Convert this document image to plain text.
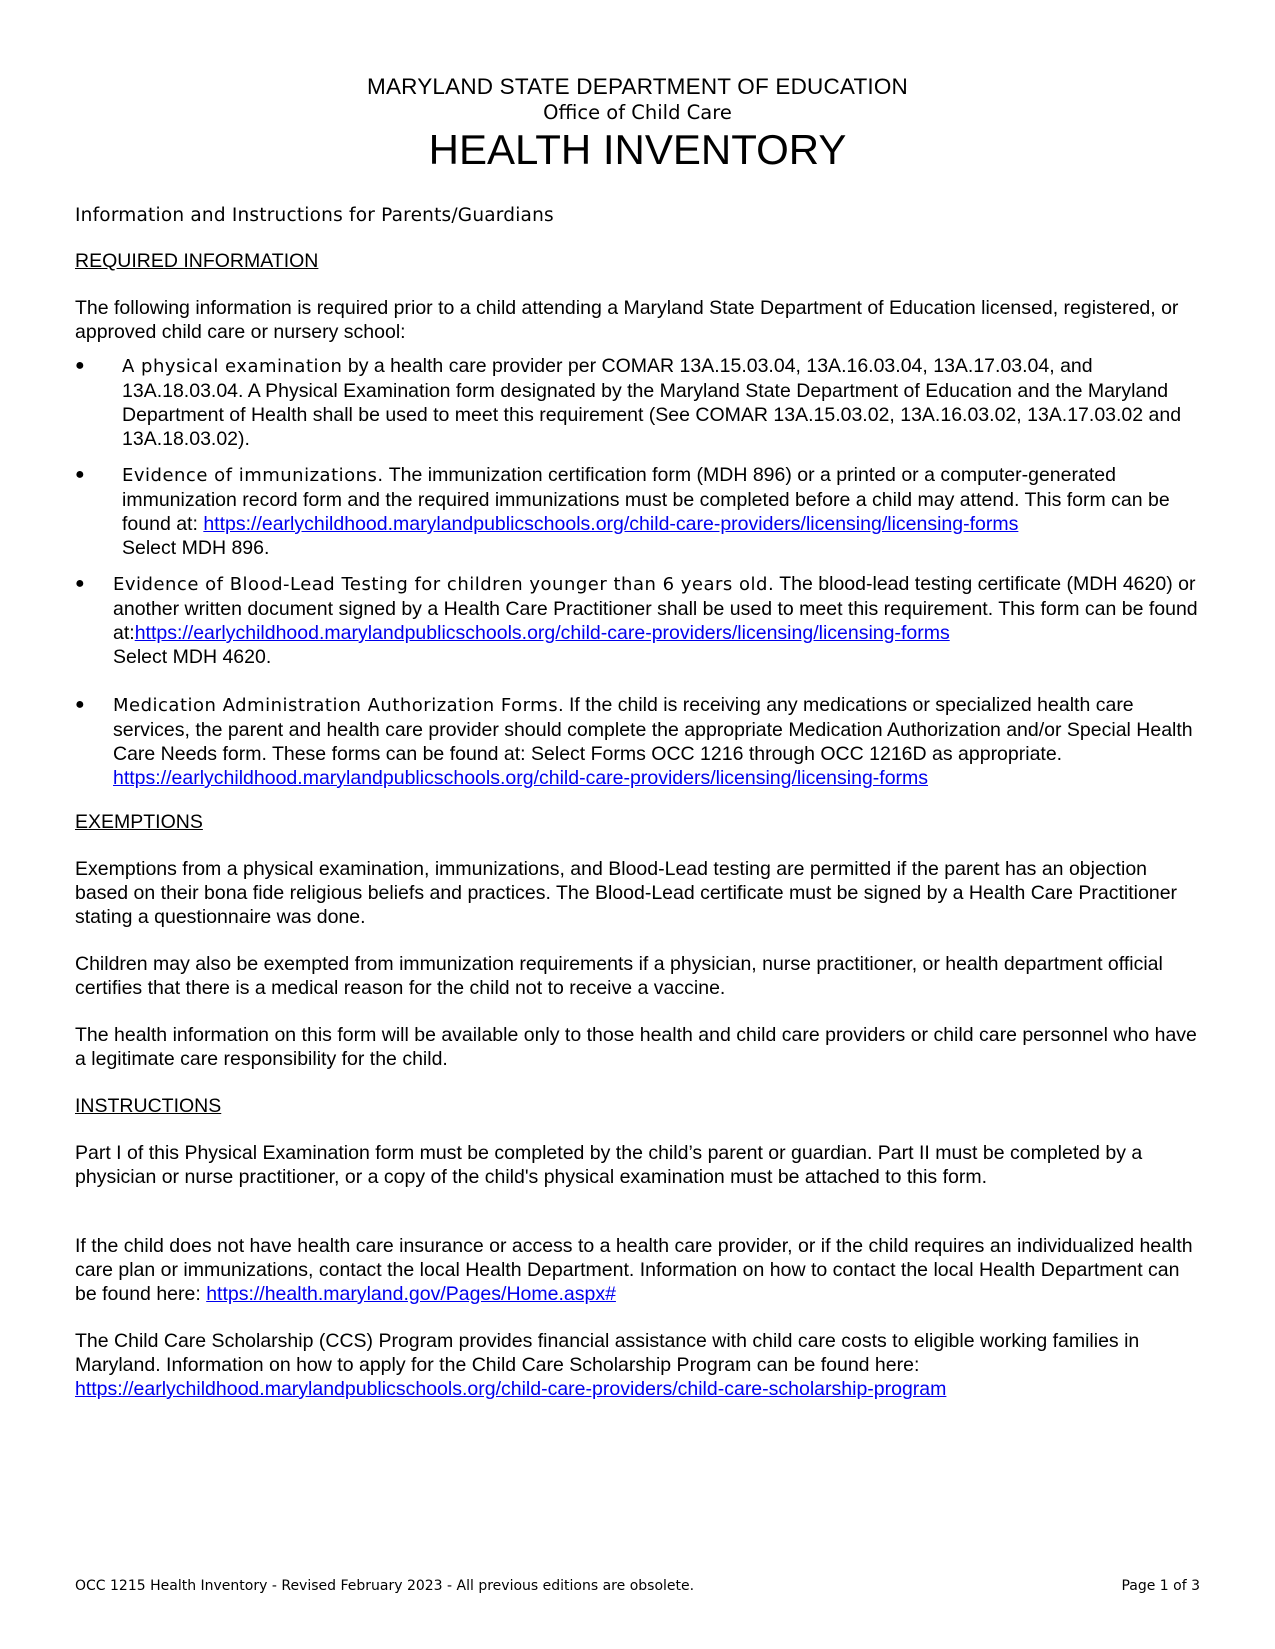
MARYLAND STATE DEPARTMENT OF EDUCATION
Office of Child Care
HEALTH INVENTORY
Information and Instructions for Parents/Guardians
REQUIRED INFORMATION

The following information is required prior to a child attending a Maryland State Department of Education licensed, registered, or approved child care or nursery school:

● A physical examination by a health care provider per COMAR 13A.15.03.04, 13A.16.03.04, 13A.17.03.04, and 13A.18.03.04. A Physical Examination form designated by the Maryland State Department of Education and the Maryland Department of Health shall be used to meet this requirement (See COMAR 13A.15.03.02, 13A.16.03.02, 13A.17.03.02 and 13A.18.03.02).
● Evidence of immunizations. The immunization certification form (MDH 896) or a printed or a computer-generated immunization record form and the required immunizations must be completed before a child may attend. This form can be found at: https://earlychildhood.marylandpublicschools.org/child-care-providers/licensing/licensing-forms
Select MDH 896.
● Evidence of Blood-Lead Testing for children younger than 6 years old. The blood-lead testing certificate (MDH 4620) or another written document signed by a Health Care Practitioner shall be used to meet this requirement. This form can be found at:https://earlychildhood.marylandpublicschools.org/child-care-providers/licensing/licensing-forms
Select MDH 4620.
● Medication Administration Authorization Forms. If the child is receiving any medications or specialized health care services, the parent and health care provider should complete the appropriate Medication Authorization and/or Special Health Care Needs form. These forms can be found at: Select Forms OCC 1216 through OCC 1216D as appropriate. https://earlychildhood.marylandpublicschools.org/child-care-providers/licensing/licensing-forms
EXEMPTIONS

Exemptions from a physical examination, immunizations, and Blood-Lead testing are permitted if the parent has an objection based on their bona fide religious beliefs and practices. The Blood-Lead certificate must be signed by a Health Care Practitioner stating a questionnaire was done.

Children may also be exempted from immunization requirements if a physician, nurse practitioner, or health department official certifies that there is a medical reason for the child not to receive a vaccine.

The health information on this form will be available only to those health and child care providers or child care personnel who have a legitimate care responsibility for the child.

INSTRUCTIONS

Part I of this Physical Examination form must be completed by the child’s parent or guardian. Part II must be completed by a physician or nurse practitioner, or a copy of the child's physical examination must be attached to this form.

If the child does not have health care insurance or access to a health care provider, or if the child requires an individualized health care plan or immunizations, contact the local Health Department. Information on how to contact the local Health Department can be found here: https://health.maryland.gov/Pages/Home.aspx#

The Child Care Scholarship (CCS) Program provides financial assistance with child care costs to eligible working families in Maryland. Information on how to apply for the Child Care Scholarship Program can be found here:
https://earlychildhood.marylandpublicschools.org/child-care-providers/child-care-scholarship-program

OCC 1215 Health Inventory - Revised February 2023 - All previous editions are obsolete.	Page 1 of 3
